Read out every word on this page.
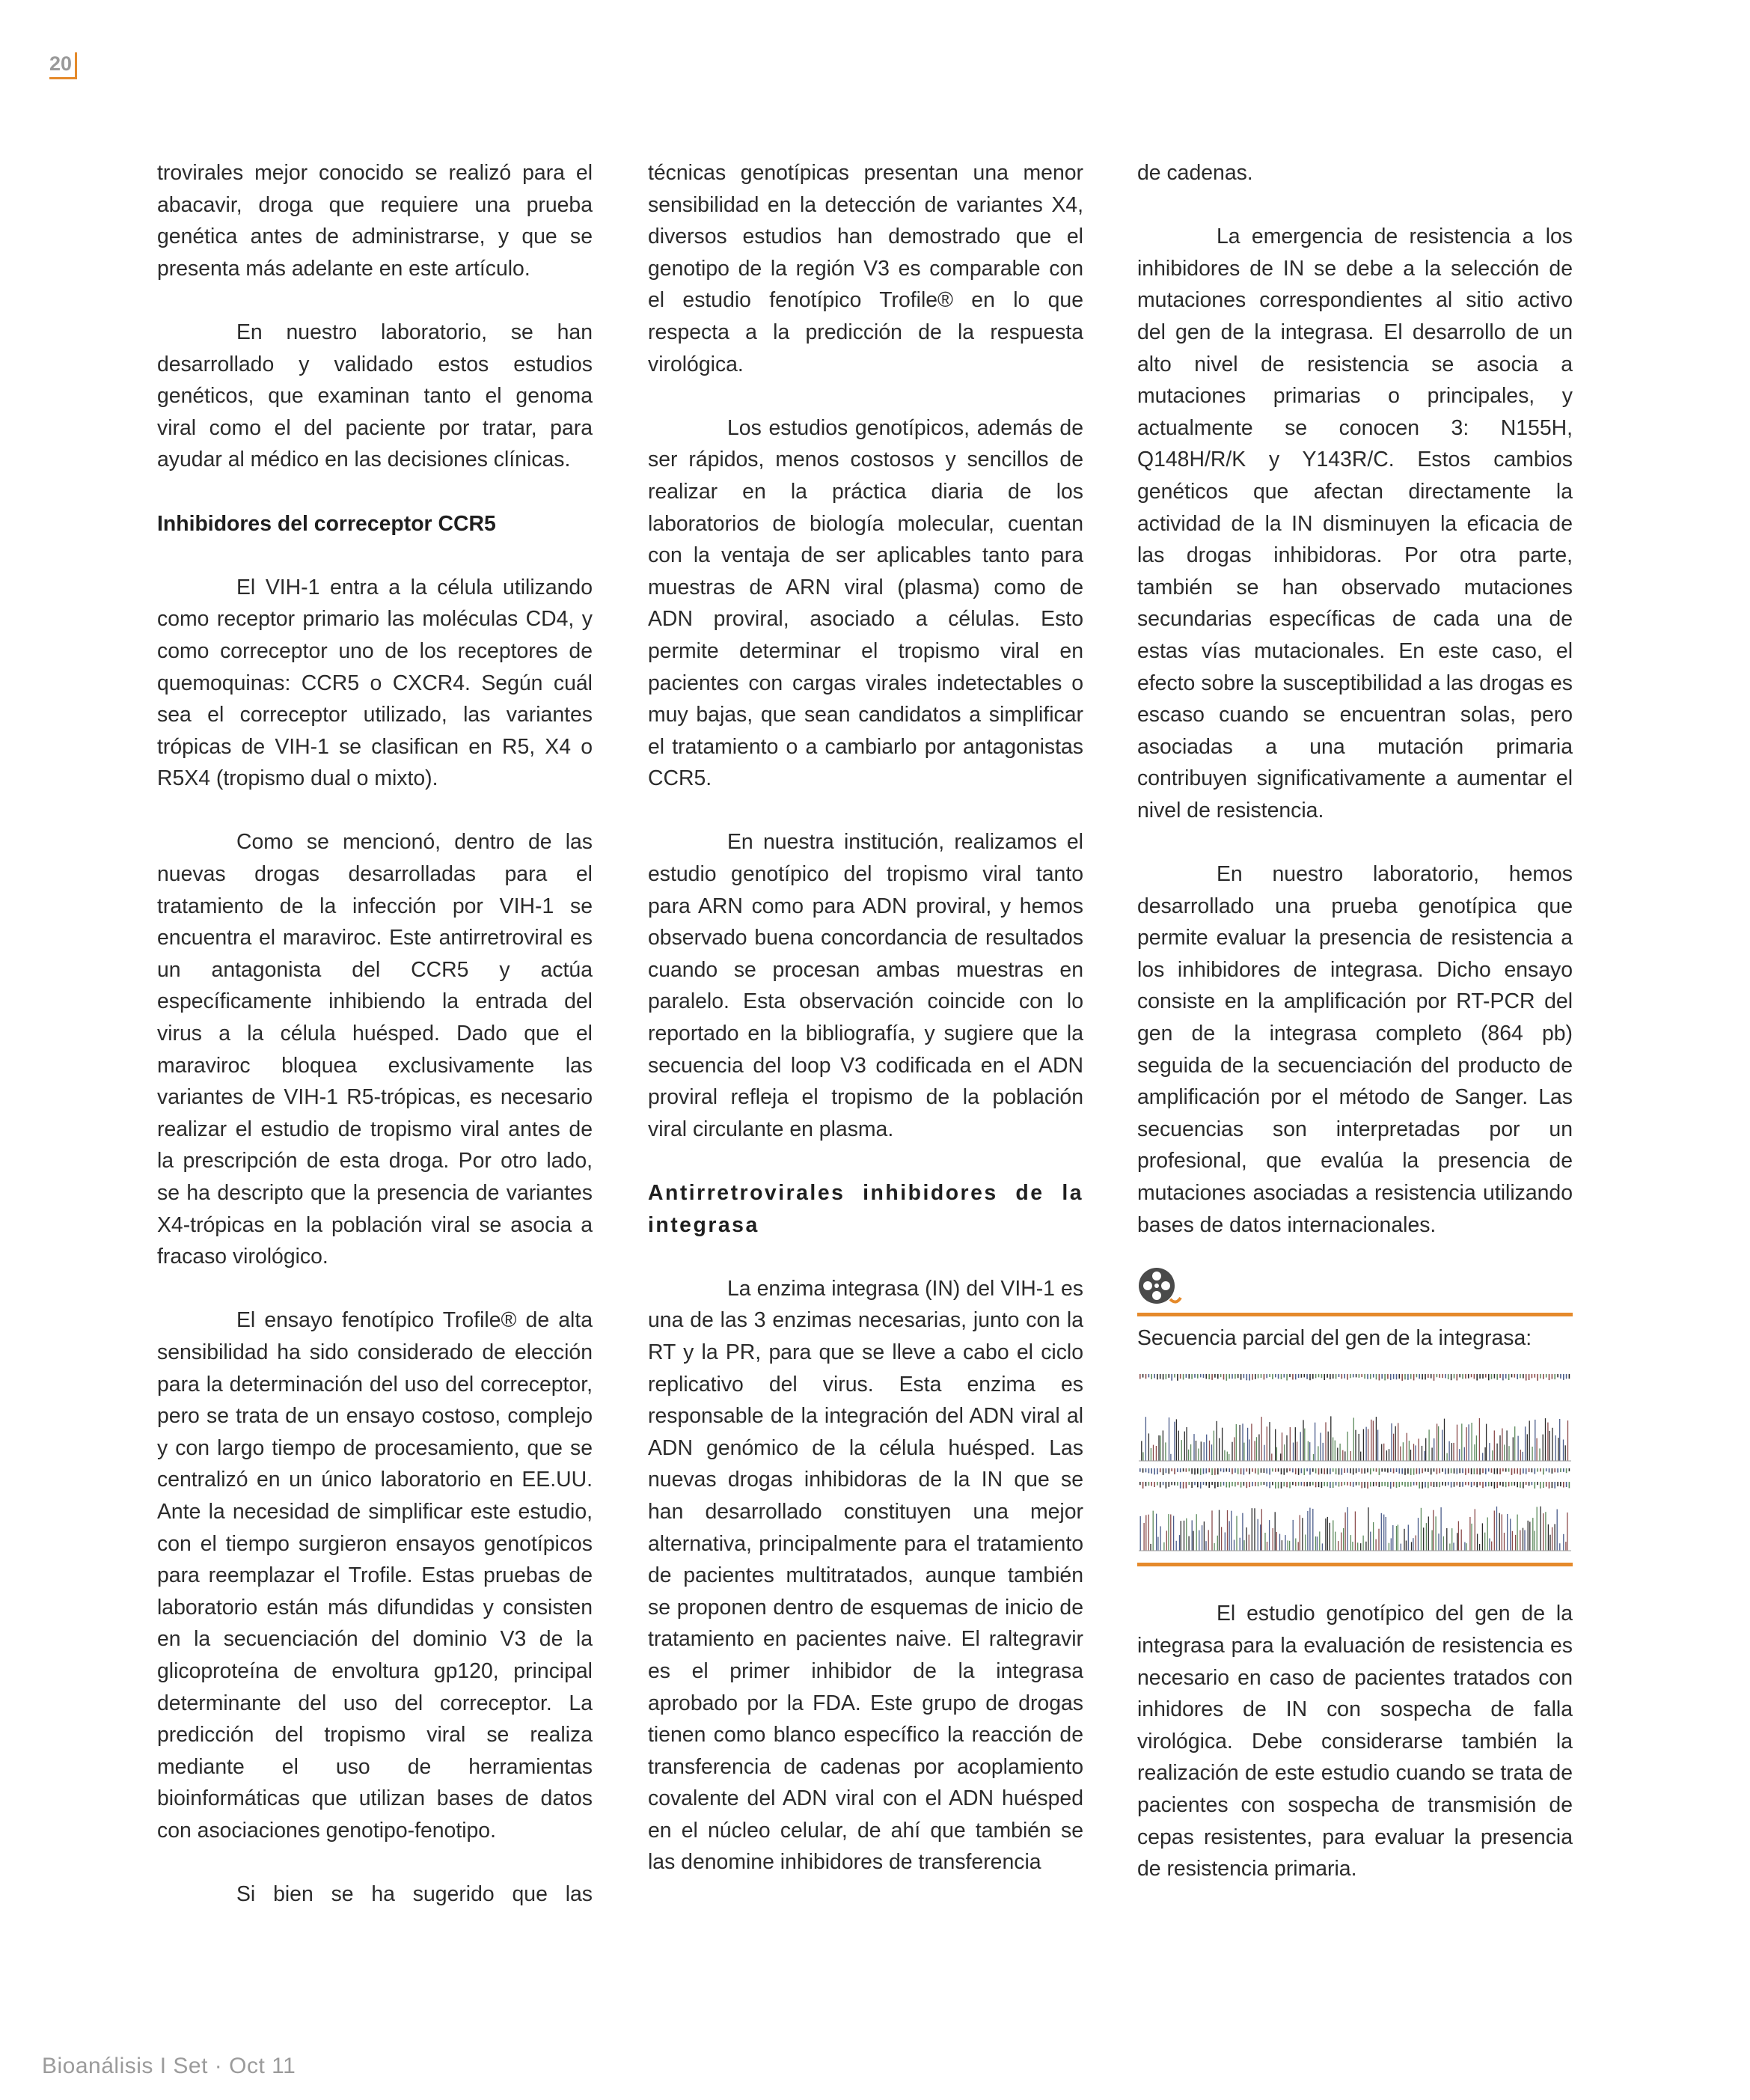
20

trovirales mejor conocido se realizó para el abacavir, droga que requiere una prueba genética antes de administrarse, y que se presenta más adelante en este artículo.

En nuestro laboratorio, se han desarrollado y validado estos estudios genéticos, que examinan tanto el genoma viral como el del paciente por tratar, para ayudar al médico en las decisiones clínicas.

Inhibidores del correceptor CCR5

El VIH-1 entra a la célula utilizando como receptor primario las moléculas CD4, y como correceptor uno de los receptores de quemoquinas: CCR5 o CXCR4. Según cuál sea el correceptor utilizado, las variantes trópicas de VIH-1 se clasifican en R5, X4 o R5X4 (tropismo dual o mixto).

Como se mencionó, dentro de las nuevas drogas desarrolladas para el tratamiento de la infección por VIH-1 se encuentra el maraviroc. Este antirretroviral es un antagonista del CCR5 y actúa específicamente inhibiendo la entrada del virus a la célula huésped. Dado que el maraviroc bloquea exclusivamente las variantes de VIH-1 R5-trópicas, es necesario realizar el estudio de tropismo viral antes de la prescripción de esta droga. Por otro lado, se ha descripto que la presencia de variantes X4-trópicas en la población viral se asocia a fracaso virológico.

El ensayo fenotípico Trofile® de alta sensibilidad ha sido considerado de elección para la determinación del uso del correceptor, pero se trata de un ensayo costoso, complejo y con largo tiempo de procesamiento, que se centralizó en un único laboratorio en EE.UU. Ante la necesidad de simplificar este estudio, con el tiempo surgieron ensayos genotípicos para reemplazar el Trofile. Estas pruebas de laboratorio están más difundidas y consisten en la secuenciación del dominio V3 de la glicoproteína de envoltura gp120, principal determinante del uso del correceptor. La predicción del tropismo viral se realiza mediante el uso de herramientas bioinformáticas que utilizan bases de datos con asociaciones genotipo-fenotipo.

Si bien se ha sugerido que las

técnicas genotípicas presentan una menor sensibilidad en la detección de variantes X4, diversos estudios han demostrado que el genotipo de la región V3 es comparable con el estudio fenotípico Trofile® en lo que respecta a la predicción de la respuesta virológica.

Los estudios genotípicos, además de ser rápidos, menos costosos y sencillos de realizar en la práctica diaria de los laboratorios de biología molecular, cuentan con la ventaja de ser aplicables tanto para muestras de ARN viral (plasma) como de ADN proviral, asociado a células. Esto permite determinar el tropismo viral en pacientes con cargas virales indetectables o muy bajas, que sean candidatos a simplificar el tratamiento o a cambiarlo por antagonistas CCR5.

En nuestra institución, realizamos el estudio genotípico del tropismo viral tanto para ARN como para ADN proviral, y hemos observado buena concordancia de resultados cuando se procesan ambas muestras en paralelo. Esta observación coincide con lo reportado en la bibliografía, y sugiere que la secuencia del loop V3 codificada en el ADN proviral refleja el tropismo de la población viral circulante en plasma.

Antirretrovirales inhibidores de la integrasa

La enzima integrasa (IN) del VIH-1 es una de las 3 enzimas necesarias, junto con la RT y la PR, para que se lleve a cabo el ciclo replicativo del virus. Esta enzima es responsable de la integración del ADN viral al ADN genómico de la célula huésped. Las nuevas drogas inhibidoras de la IN que se han desarrollado constituyen una mejor alternativa, principalmente para el tratamiento de pacientes multitratados, aunque también se proponen dentro de esquemas de inicio de tratamiento en pacientes naive. El raltegravir es el primer inhibidor de la integrasa aprobado por la FDA. Este grupo de drogas tienen como blanco específico la reacción de transferencia de cadenas por acoplamiento covalente del ADN viral con el ADN huésped en el núcleo celular, de ahí que también se las denomine inhibidores de transferencia

de cadenas.

La emergencia de resistencia a los inhibidores de IN se debe a la selección de mutaciones correspondientes al sitio activo del gen de la integrasa. El desarrollo de un alto nivel de resistencia se asocia a mutaciones primarias o principales, y actualmente se conocen 3: N155H, Q148H/R/K y Y143R/C. Estos cambios genéticos que afectan directamente la actividad de la IN disminuyen la eficacia de las drogas inhibidoras. Por otra parte, también se han observado mutaciones secundarias específicas de cada una de estas vías mutacionales. En este caso, el efecto sobre la susceptibilidad a las drogas es escaso cuando se encuentran solas, pero asociadas a una mutación primaria contribuyen significativamente a aumentar el nivel de resistencia.

En nuestro laboratorio, hemos desarrollado una prueba genotípica que permite evaluar la presencia de resistencia a los inhibidores de integrasa. Dicho ensayo consiste en la amplificación por RT-PCR del gen de la integrasa completo (864 pb) seguida de la secuenciación del producto de amplificación por el método de Sanger. Las secuencias son interpretadas por un profesional, que evalúa la presencia de mutaciones asociadas a resistencia utilizando bases de datos internacionales.

Secuencia parcial del gen de la integrasa:

El estudio genotípico del gen de la integrasa para la evaluación de resistencia es necesario en caso de pacientes tratados con inhidores de IN con sospecha de falla virológica. Debe considerarse también la realización de este estudio cuando se trata de pacientes con sospecha de transmisión de cepas resistentes, para evaluar la presencia de resistencia primaria.

Bioanálisis I Set · Oct 11
